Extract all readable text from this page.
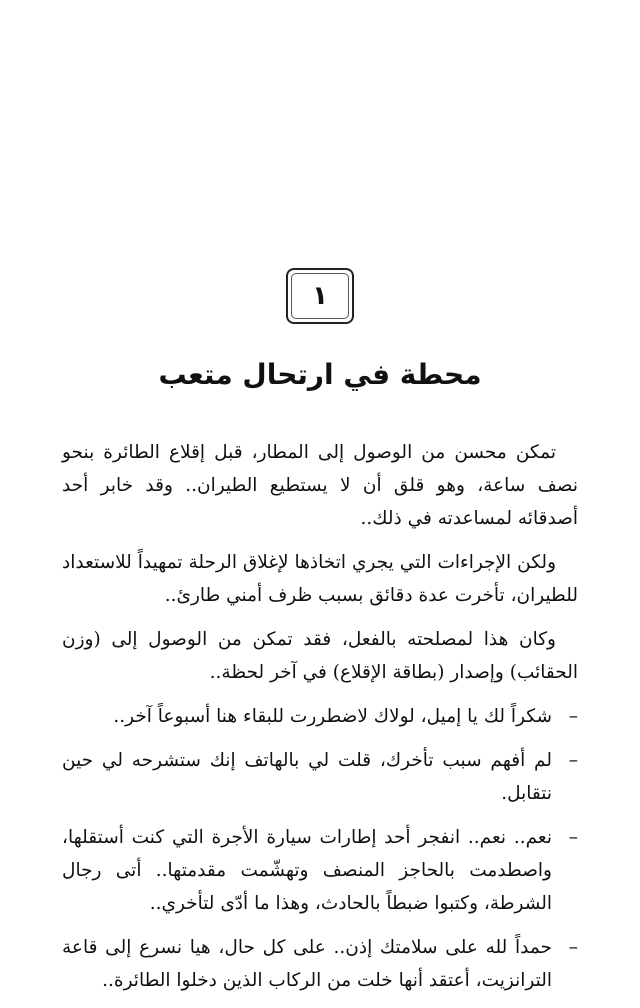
١
محطة في ارتحال متعب

تمكن محسن من الوصول إلى المطار، قبل إقلاع الطائرة بنحو نصف ساعة، وهو قلق أن لا يستطيع الطيران.. وقد خابر أحد أصدقائه لمساعدته في ذلك..

ولكن الإجراءات التي يجري اتخاذها لإغلاق الرحلة تمهيداً للاستعداد للطيران، تأخرت عدة دقائق بسبب ظرف أمني طارئ..

وكان هذا لمصلحته بالفعل، فقد تمكن من الوصول إلى (وزن الحقائب) وإصدار (بطاقة الإقلاع) في آخر لحظة..

–
شكراً لك يا إميل، لولاك لاضطررت للبقاء هنا أسبوعاً آخر..
–
لم أفهم سبب تأخرك، قلت لي بالهاتف إنك ستشرحه لي حين نتقابل.
–
نعم.. نعم.. انفجر أحد إطارات سيارة الأجرة التي كنت أستقلها، واصطدمت بالحاجز المنصف وتهشّمت مقدمتها.. أتى رجال الشرطة، وكتبوا ضبطاً بالحادث، وهذا ما أدّى لتأخري..
–
حمداً لله على سلامتك إذن.. على كل حال، هيا نسرع إلى قاعة الترانزيت، أعتقد أنها خلت من الركاب الذين دخلوا الطائرة..
